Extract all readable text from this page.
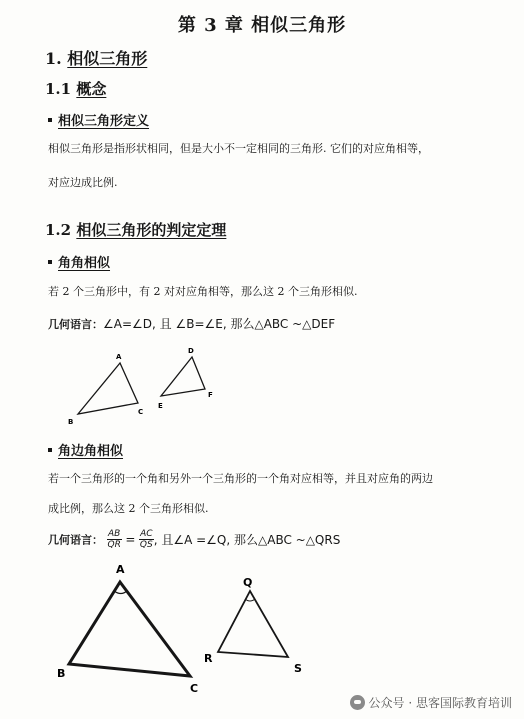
第 3 章 相似三角形
1. 相似三角形
1.1 概念
相似三角形定义
相似三角形是指形状相同，但是大小不一定相同的三角形. 它们的对应角相等，
对应边成比例.
1.2 相似三角形的判定定理
角角相似
若 2 个三角形中，有 2 对对应角相等，那么这 2 个三角形相似.
几何语言：∠A=∠D, 且 ∠B=∠E, 那么△ABC ~△DEF
A
B
C
D
E
F
角边角相似
若一个三角形的一个角和另外一个三角形的一个角对应相等，并且对应角的两边
成比例，那么这 2 个三角形相似.
几何语言： $\frac{AB}{QR} = \frac{AC}{QS}$ , 且∠A =∠Q, 那么△ABC ~△QRS
A
B
C
Q
R
S
公众号 · 思客国际教育培训
